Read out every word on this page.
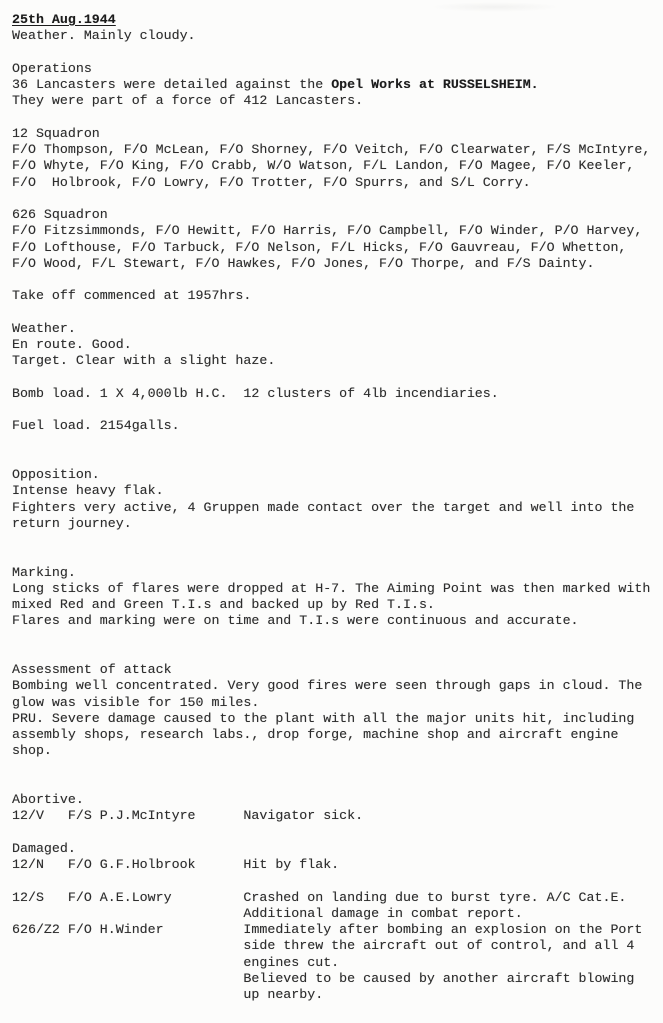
25th Aug.1944
Weather. Mainly cloudy.

Operations
36 Lancasters were detailed against the Opel Works at RUSSELSHEIM.
They were part of a force of 412 Lancasters.

12 Squadron
F/O Thompson, F/O McLean, F/O Shorney, F/O Veitch, F/O Clearwater, F/S McIntyre,
F/O Whyte, F/O King, F/O Crabb, W/O Watson, F/L Landon, F/O Magee, F/O Keeler,
F/O  Holbrook, F/O Lowry, F/O Trotter, F/O Spurrs, and S/L Corry.

626 Squadron
F/O Fitzsimmonds, F/O Hewitt, F/O Harris, F/O Campbell, F/O Winder, P/O Harvey,
F/O Lofthouse, F/O Tarbuck, F/O Nelson, F/L Hicks, F/O Gauvreau, F/O Whetton,
F/O Wood, F/L Stewart, F/O Hawkes, F/O Jones, F/O Thorpe, and F/S Dainty.

Take off commenced at 1957hrs.

Weather.
En route. Good.
Target. Clear with a slight haze.

Bomb load. 1 X 4,000lb H.C.  12 clusters of 4lb incendiaries.

Fuel load. 2154galls.

Opposition.
Intense heavy flak.
Fighters very active, 4 Gruppen made contact over the target and well into the
return journey.

Marking.
Long sticks of flares were dropped at H-7. The Aiming Point was then marked with
mixed Red and Green T.I.s and backed up by Red T.I.s.
Flares and marking were on time and T.I.s were continuous and accurate.

Assessment of attack
Bombing well concentrated. Very good fires were seen through gaps in cloud. The
glow was visible for 150 miles.
PRU. Severe damage caused to the plant with all the major units hit, including
assembly shops, research labs., drop forge, machine shop and aircraft engine
shop.

Abortive.
12/V   F/S P.J.McIntyre      Navigator sick.

Damaged.
12/N   F/O G.F.Holbrook      Hit by flak.

12/S   F/O A.E.Lowry         Crashed on landing due to burst tyre. A/C Cat.E.
Additional damage in combat report.
626/Z2 F/O H.Winder          Immediately after bombing an explosion on the Port
side threw the aircraft out of control, and all 4
engines cut.
Believed to be caused by another aircraft blowing
up nearby.
